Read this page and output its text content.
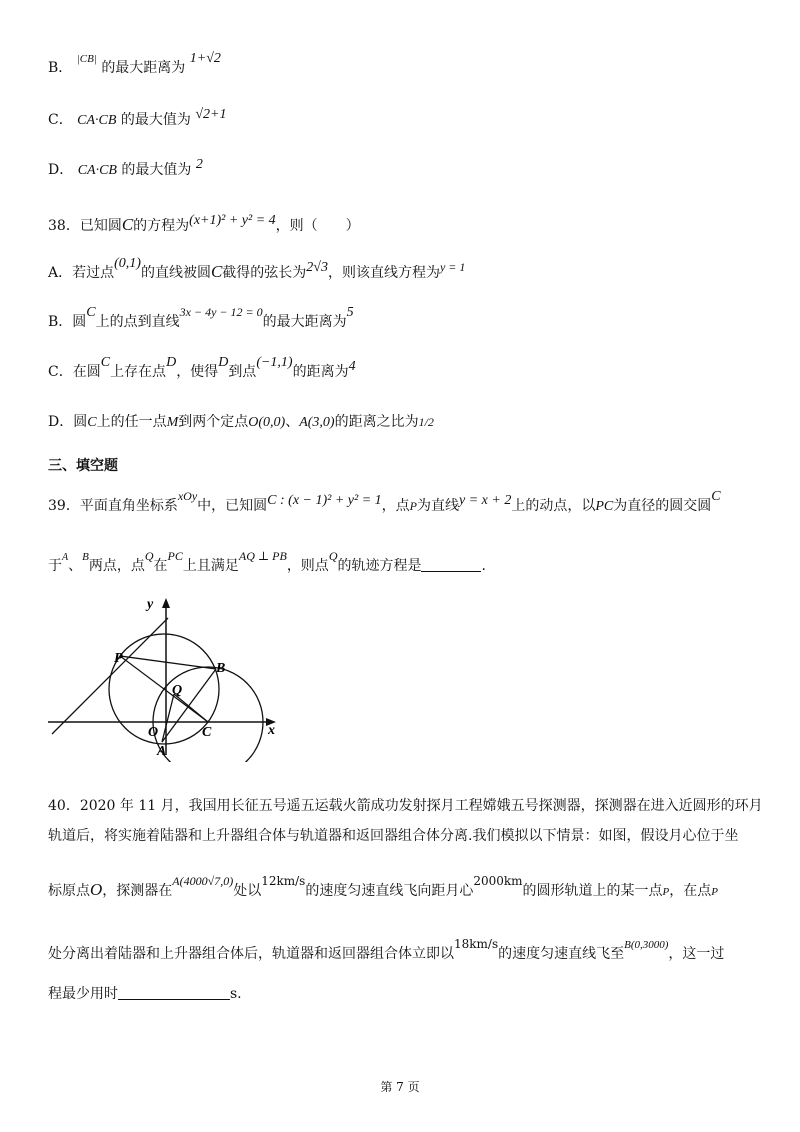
B． $^{|CB|}$ 的最大距离为 1+√2
C． CA·CB 的最大值为 √2+1
D． CA·CB 的最大值为 2
38．已知圆C的方程为(x+1)² + y² = 4，则（　　）
A．若过点(0,1)的直线被圆C截得的弦长为2√3，则该直线方程为y = 1
B．圆C上的点到直线3x − 4y − 12 = 0的最大距离为5
C．在圆C上存在点D，使得D到点(−1,1)的距离为4
D．圆C上的任一点M到两个定点O(0,0)、A(3,0)的距离之比为1/2
三、填空题
39．平面直角坐标系xOy中，已知圆C : (x − 1)² + y² = 1，点P为直线y = x + 2上的动点，以PC为直径的圆交圆C
于$^A$、$^B$两点，点Q在PC上且满足AQ ⊥ PB，则点Q的轨迹方程是	.
y
x
P
B
Q
O	C
A
40．2020 年 11 月，我国用长征五号遥五运载火箭成功发射探月工程嫦娥五号探测器，探测器在进入近圆形的环月
轨道后，将实施着陆器和上升器组合体与轨道器和返回器组合体分离.我们模拟以下情景：如图，假设月心位于坐
标原点O，探测器在A(4000√7,0)处以12km/s的速度匀速直线飞向距月心2000km的圆形轨道上的某一点P，在点P
处分离出着陆器和上升器组合体后，轨道器和返回器组合体立即以18km/s的速度匀速直线飞至$^{B(0,3000)}$，这一过
程最少用时	s.
第 7 页
